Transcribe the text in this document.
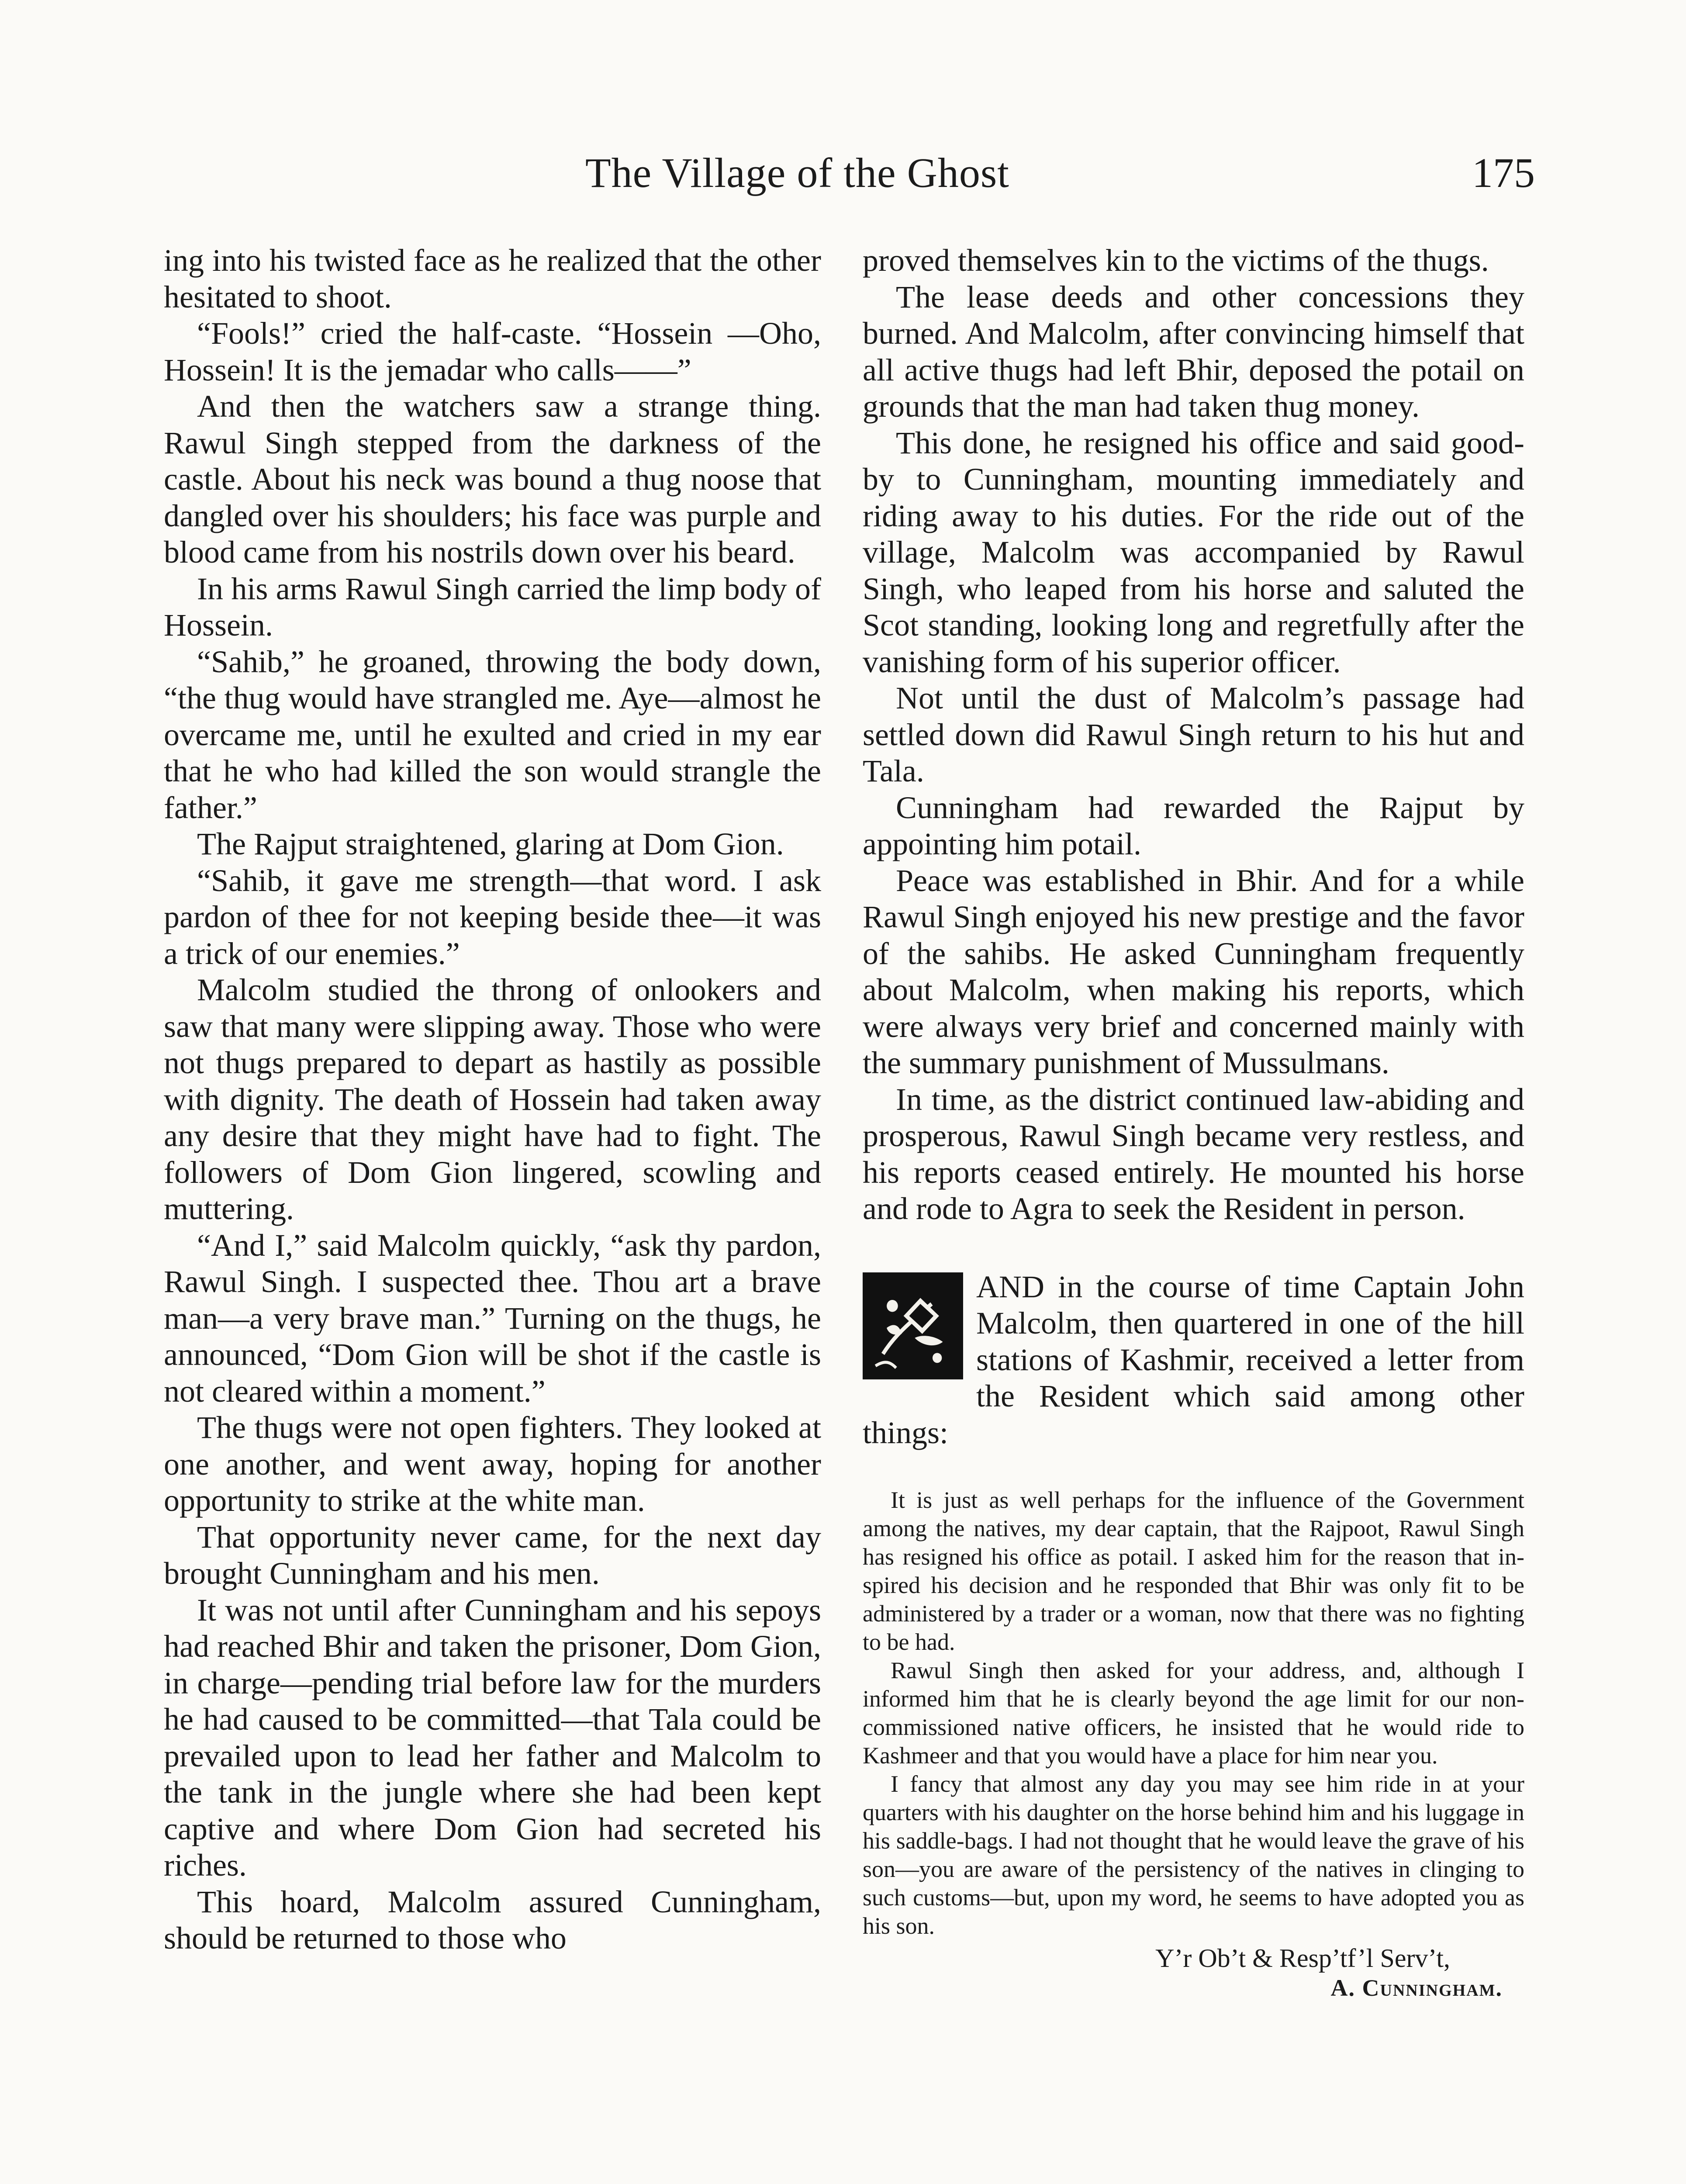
The Village of the Ghost	175

ing into his twisted face as he realized that the other hesitated to shoot.

“Fools!” cried the half-caste. “Hossein —Oho, Hossein! It is the jemadar who calls——”

And then the watchers saw a strange thing. Rawul Singh stepped from the darkness of the castle. About his neck was bound a thug noose that dangled over his shoulders; his face was purple and blood came from his nostrils down over his beard.

In his arms Rawul Singh carried the limp body of Hossein.

“Sahib,” he groaned, throwing the body down, “the thug would have strangled me. Aye—almost he overcame me, until he exulted and cried in my ear that he who had killed the son would strangle the father.”

The Rajput straightened, glaring at Dom Gion.

“Sahib, it gave me strength—that word. I ask pardon of thee for not keeping beside thee—it was a trick of our enemies.”

Malcolm studied the throng of onlookers and saw that many were slipping away. Those who were not thugs prepared to depart as hastily as possible with dignity. The death of Hossein had taken away any desire that they might have had to fight. The followers of Dom Gion lingered, scowling and muttering.

“And I,” said Malcolm quickly, “ask thy pardon, Rawul Singh. I suspected thee. Thou art a brave man—a very brave man.” Turning on the thugs, he announced, “Dom Gion will be shot if the castle is not cleared within a moment.”

The thugs were not open fighters. They looked at one another, and went away, hoping for another opportunity to strike at the white man.

That opportunity never came, for the next day brought Cunningham and his men.

It was not until after Cunningham and his sepoys had reached Bhir and taken the prisoner, Dom Gion, in charge—pending trial before law for the murders he had caused to be committed—that Tala could be prevailed upon to lead her father and Malcolm to the tank in the jungle where she had been kept captive and where Dom Gion had secreted his riches.

This hoard, Malcolm assured Cunningham, should be returned to those who

proved themselves kin to the victims of the thugs.

The lease deeds and other concessions they burned. And Malcolm, after convincing himself that all active thugs had left Bhir, deposed the potail on grounds that the man had taken thug money.

This done, he resigned his office and said good-by to Cunningham, mounting immediately and riding away to his duties. For the ride out of the village, Malcolm was accompanied by Rawul Singh, who leaped from his horse and saluted the Scot standing, looking long and regretfully after the vanishing form of his superior officer.

Not until the dust of Malcolm’s passage had settled down did Rawul Singh return to his hut and Tala.

Cunningham had rewarded the Rajput by appointing him potail.

Peace was established in Bhir. And for a while Rawul Singh enjoyed his new prestige and the favor of the sahibs. He asked Cunningham frequently about Malcolm, when making his reports, which were always very brief and concerned mainly with the summary punishment of Mussulmans.

In time, as the district continued law-abiding and prosperous, Rawul Singh became very restless, and his reports ceased entirely. He mounted his horse and rode to Agra to seek the Resident in person.

AND in the course of time Captain John Malcolm, then quartered in one of the hill stations of Kashmir, received a letter from the Resident which said among other things:

It is just as well perhaps for the influence of the Government among the natives, my dear captain, that the Rajpoot, Rawul Singh has resigned his office as potail. I asked him for the reason that inspired his decision and he responded that Bhir was only fit to be administered by a trader or a woman, now that there was no fighting to be had.

Rawul Singh then asked for your address, and, although I informed him that he is clearly beyond the age limit for our non-commissioned native officers, he insisted that he would ride to Kashmeer and that you would have a place for him near you.

I fancy that almost any day you may see him ride in at your quarters with his daughter on the horse behind him and his luggage in his saddle-bags. I had not thought that he would leave the grave of his son—you are aware of the persistency of the natives in clinging to such customs—but, upon my word, he seems to have adopted you as his son.

Y’r Ob’t & Resp’tf’l Serv’t,
A. Cunningham.
